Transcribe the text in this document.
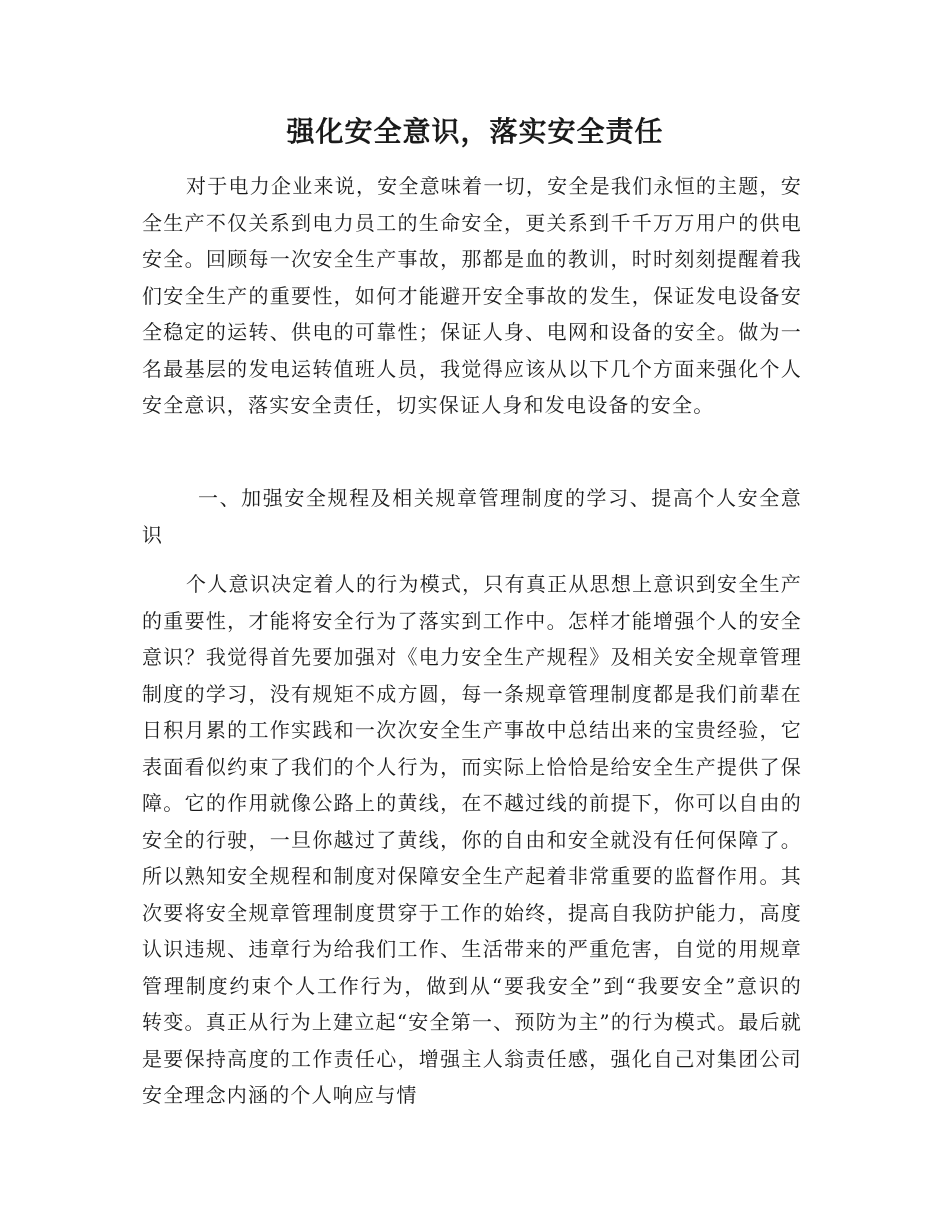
强化安全意识，落实安全责任

对于电力企业来说，安全意味着一切，安全是我们永恒的主题，安全生产不仅关系到电力员工的生命安全，更关系到千千万万用户的供电安全。回顾每一次安全生产事故，那都是血的教训，时时刻刻提醒着我们安全生产的重要性，如何才能避开安全事故的发生，保证发电设备安全稳定的运转、供电的可靠性；保证人身、电网和设备的安全。做为一名最基层的发电运转值班人员，我觉得应该从以下几个方面来强化个人安全意识，落实安全责任，切实保证人身和发电设备的安全。

一、加强安全规程及相关规章管理制度的学习、提高个人安全意识

个人意识决定着人的行为模式，只有真正从思想上意识到安全生产的重要性，才能将安全行为了落实到工作中。怎样才能增强个人的安全意识？我觉得首先要加强对《电力安全生产规程》及相关安全规章管理制度的学习，没有规矩不成方圆，每一条规章管理制度都是我们前辈在日积月累的工作实践和一次次安全生产事故中总结出来的宝贵经验，它表面看似约束了我们的个人行为，而实际上恰恰是给安全生产提供了保障。它的作用就像公路上的黄线，在不越过线的前提下，你可以自由的安全的行驶，一旦你越过了黄线，你的自由和安全就没有任何保障了。所以熟知安全规程和制度对保障安全生产起着非常重要的监督作用。其次要将安全规章管理制度贯穿于工作的始终，提高自我防护能力，高度认识违规、违章行为给我们工作、生活带来的严重危害，自觉的用规章管理制度约束个人工作行为，做到从“要我安全”到“我要安全”意识的转变。真正从行为上建立起“安全第一、预防为主”的行为模式。最后就是要保持高度的工作责任心，增强主人翁责任感，强化自己对集团公司安全理念内涵的个人响应与情
